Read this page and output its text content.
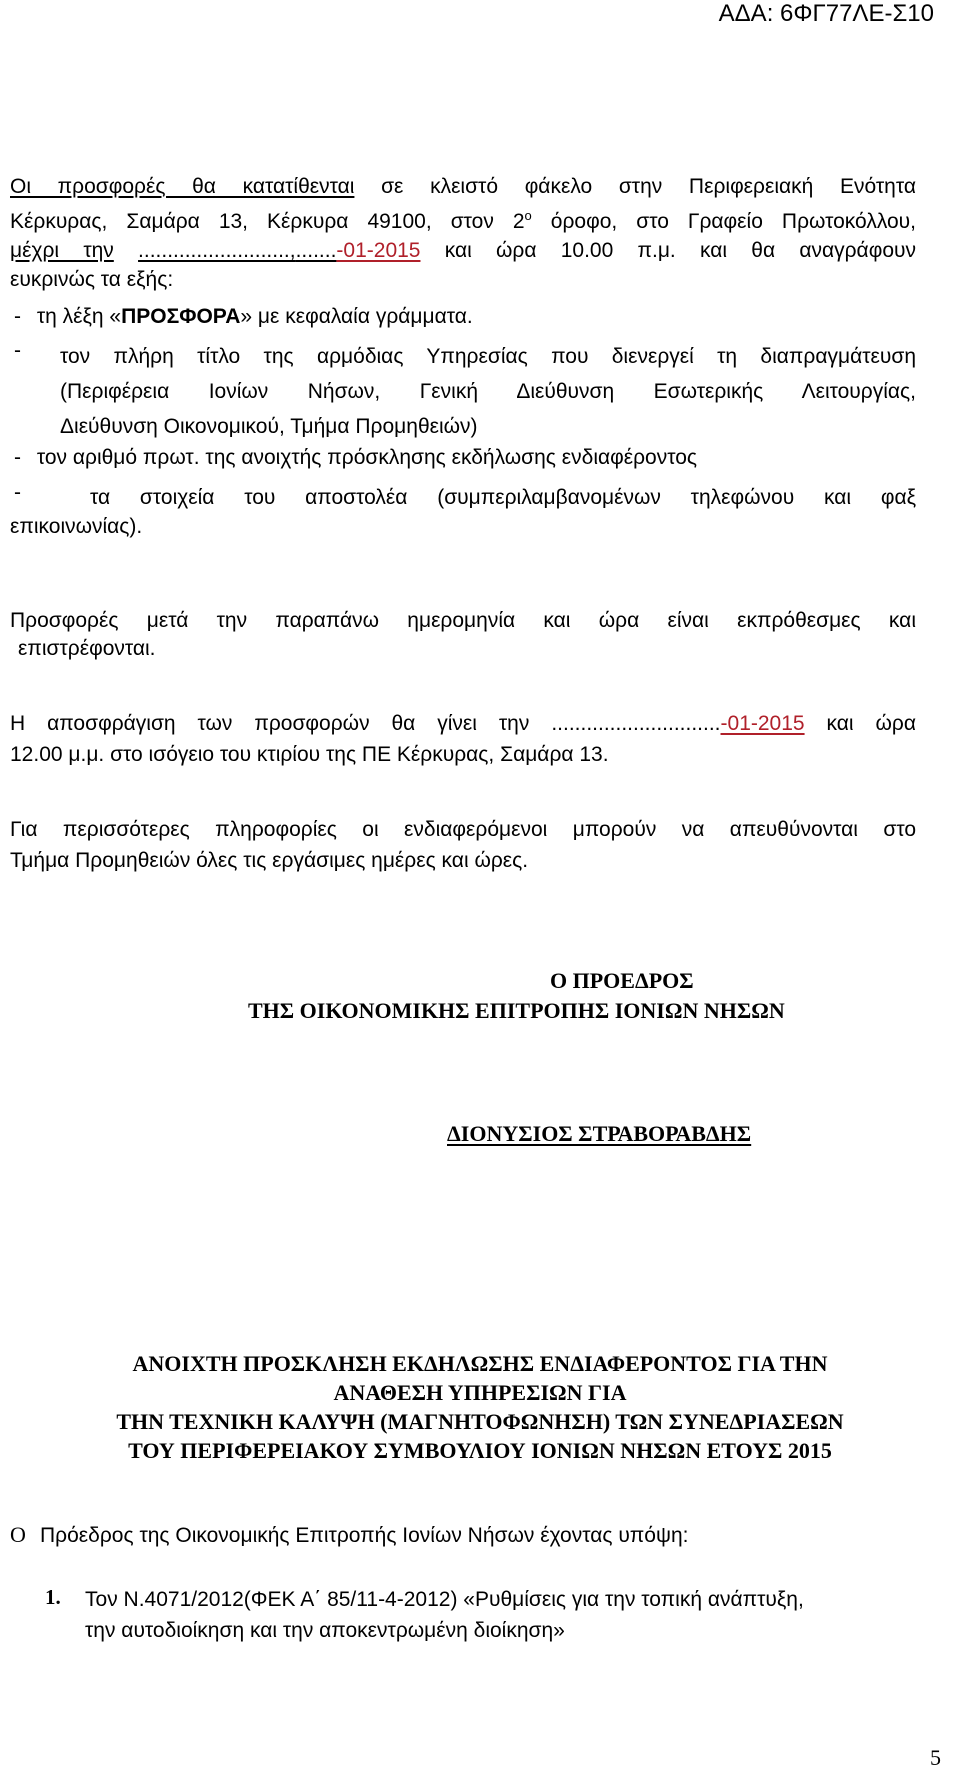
ΑΔΑ: 6ΦΓ77ΛΕ-Σ10
Οι προσφορές θα κατατίθενται σε κλειστό φάκελο στην Περιφερειακή Ενότητα
Κέρκυρας, Σαμάρα 13, Κέρκυρα 49100, στον $2^o$ όροφο, στο Γραφείο Πρωτοκόλλου,
μέχρι την ..........................,.......-01-2015 και ώρα 10.00 π.μ. και θα αναγράφουν
ευκρινώς τα εξής:
- τη λέξη «ΠΡΟΣΦΟΡΑ» με κεφαλαία γράμματα.
- τον πλήρη τίτλο της αρμόδιας Υπηρεσίας που διενεργεί τη διαπραγμάτευση
(Περιφέρεια Ιονίων Νήσων, Γενική Διεύθυνση Εσωτερικής Λειτουργίας,
Διεύθυνση Οικονομικού, Τμήμα Προμηθειών)
- τον αριθμό πρωτ. της ανοιχτής πρόσκλησης εκδήλωσης ενδιαφέροντος
-	τα στοιχεία του αποστολέα (συμπεριλαμβανομένων τηλεφώνου και φαξ
επικοινωνίας).
Προσφορές μετά την παραπάνω ημερομηνία και ώρα είναι εκπρόθεσμες και
επιστρέφονται.
Η αποσφράγιση των προσφορών θα γίνει την .............................-01-2015 και ώρα
12.00 μ.μ. στο ισόγειο του κτιρίου της ΠΕ Κέρκυρας, Σαμάρα 13.
Για περισσότερες πληροφορίες οι ενδιαφερόμενοι μπορούν να απευθύνονται στο
Τμήμα Προμηθειών όλες τις εργάσιμες ημέρες και ώρες.
Ο ΠΡΟΕΔΡΟΣ
ΤΗΣ ΟΙΚΟΝΟΜΙΚΗΣ ΕΠΙΤΡΟΠΗΣ ΙΟΝΙΩΝ ΝΗΣΩΝ
ΔΙΟΝΥΣΙΟΣ ΣΤΡΑΒΟΡΑΒΔΗΣ
ΑΝΟΙΧΤΗ ΠΡΟΣΚΛΗΣΗ ΕΚΔΗΛΩΣΗΣ ΕΝΔΙΑΦΕΡΟΝΤΟΣ ΓΙΑ ΤΗΝ
ΑΝΑΘΕΣΗ ΥΠΗΡΕΣΙΩΝ ΓΙΑ
ΤΗΝ ΤΕΧΝΙΚΗ ΚΑΛΥΨΗ (ΜΑΓΝΗΤΟΦΩΝΗΣΗ) ΤΩΝ ΣΥΝΕΔΡΙΑΣΕΩΝ
ΤΟΥ ΠΕΡΙΦΕΡΕΙΑΚΟΥ ΣΥΜΒΟΥΛΙΟΥ ΙΟΝΙΩΝ ΝΗΣΩΝ ΕΤΟΥΣ 2015
Ο Πρόεδρος της Οικονομικής Επιτροπής Ιονίων Νήσων έχοντας υπόψη:
1. Τον Ν.4071/2012(ΦΕΚ Α΄ 85/11-4-2012) «Ρυθμίσεις για την τοπική ανάπτυξη,
την αυτοδιοίκηση και την αποκεντρωμένη διοίκηση»
5
